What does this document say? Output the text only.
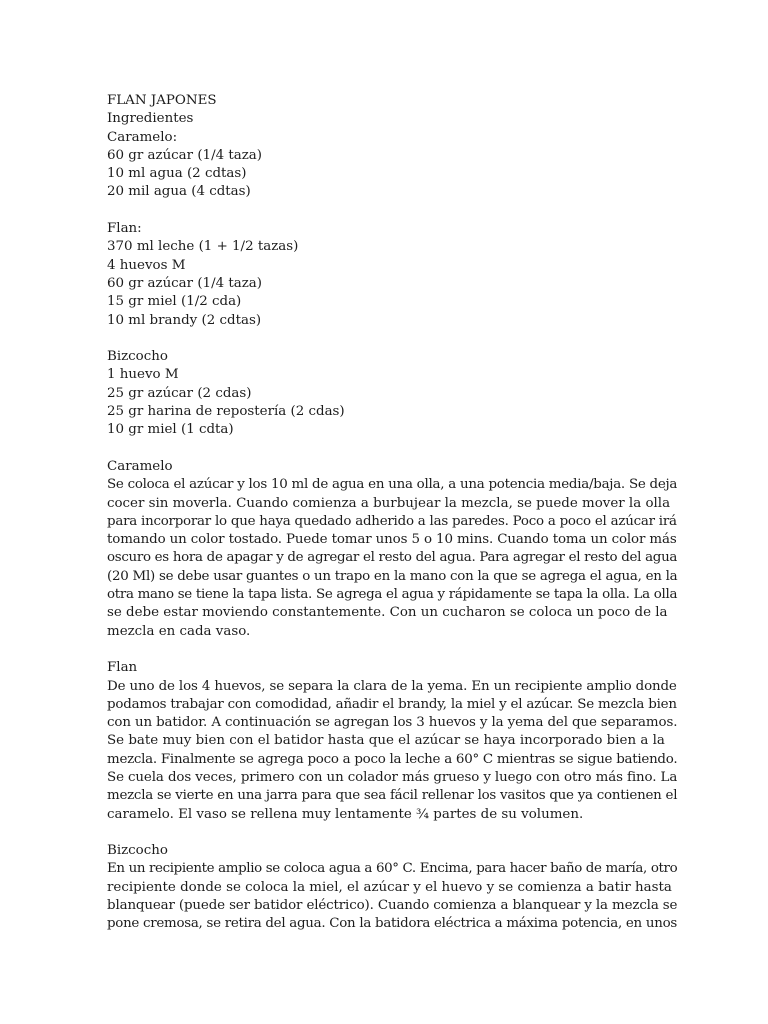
FLAN JAPONES
Ingredientes
Caramelo:
60 gr azúcar (1/4 taza)
10 ml agua (2 cdtas)
20 mil agua (4 cdtas)
Flan:
370 ml leche (1 + 1/2 tazas)
4 huevos M
60 gr azúcar (1/4 taza)
15 gr miel (1/2 cda)
10 ml brandy (2 cdtas)
Bizcocho
1 huevo M
25 gr azúcar (2 cdas)
25 gr harina de repostería (2 cdas)
10 gr miel (1 cdta)
Caramelo
Se coloca el azúcar y los 10 ml de agua en una olla, a una potencia media/baja. Se deja
cocer sin moverla. Cuando comienza a burbujear la mezcla, se puede mover la olla
para incorporar lo que haya quedado adherido a las paredes. Poco a poco el azúcar irá
tomando un color tostado. Puede tomar unos 5 o 10 mins. Cuando toma un color más
oscuro es hora de apagar y de agregar el resto del agua. Para agregar el resto del agua
(20 Ml) se debe usar guantes o un trapo en la mano con la que se agrega el agua, en la
otra mano se tiene la tapa lista. Se agrega el agua y rápidamente se tapa la olla. La olla
se debe estar moviendo constantemente. Con un cucharon se coloca un poco de la
mezcla en cada vaso.
Flan
De uno de los 4 huevos, se separa la clara de la yema. En un recipiente amplio donde
podamos trabajar con comodidad, añadir el brandy, la miel y el azúcar. Se mezcla bien
con un batidor. A continuación se agregan los 3 huevos y la yema del que separamos.
Se bate muy bien con el batidor hasta que el azúcar se haya incorporado bien a la
mezcla. Finalmente se agrega poco a poco la leche a 60° C mientras se sigue batiendo.
Se cuela dos veces, primero con un colador más grueso y luego con otro más fino. La
mezcla se vierte en una jarra para que sea fácil rellenar los vasitos que ya contienen el
caramelo. El vaso se rellena muy lentamente ¾ partes de su volumen.
Bizcocho
En un recipiente amplio se coloca agua a 60° C. Encima, para hacer baño de maría, otro
recipiente donde se coloca la miel, el azúcar y el huevo y se comienza a batir hasta
blanquear (puede ser batidor eléctrico). Cuando comienza a blanquear y la mezcla se
pone cremosa, se retira del agua. Con la batidora eléctrica a máxima potencia, en unos
